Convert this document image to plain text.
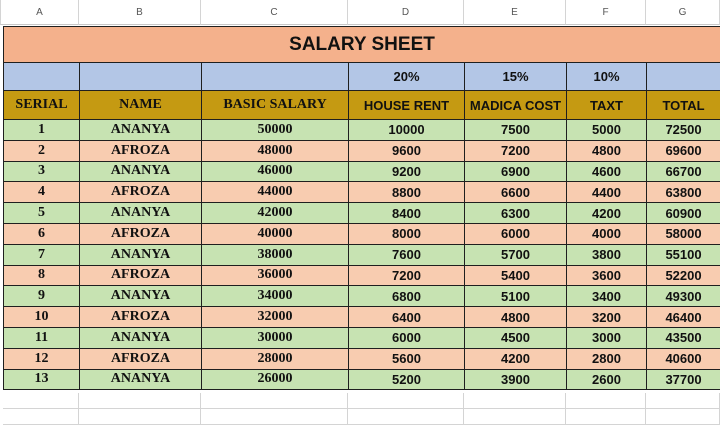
A	B	C	D	E	F	G
SALARY SHEET						
			20%	15%	10%	
SERIAL	NAME	BASIC SALARY	HOUSE RENT	MADICA COST	TAXT	TOTAL
1	ANANYA	50000	10000	7500	5000	72500
2	AFROZA	48000	9600	7200	4800	69600
3	ANANYA	46000	9200	6900	4600	66700
4	AFROZA	44000	8800	6600	4400	63800
5	ANANYA	42000	8400	6300	4200	60900
6	AFROZA	40000	8000	6000	4000	58000
7	ANANYA	38000	7600	5700	3800	55100
8	AFROZA	36000	7200	5400	3600	52200
9	ANANYA	34000	6800	5100	3400	49300
10	AFROZA	32000	6400	4800	3200	46400
11	ANANYA	30000	6000	4500	3000	43500
12	AFROZA	28000	5600	4200	2800	40600
13	ANANYA	26000	5200	3900	2600	37700
